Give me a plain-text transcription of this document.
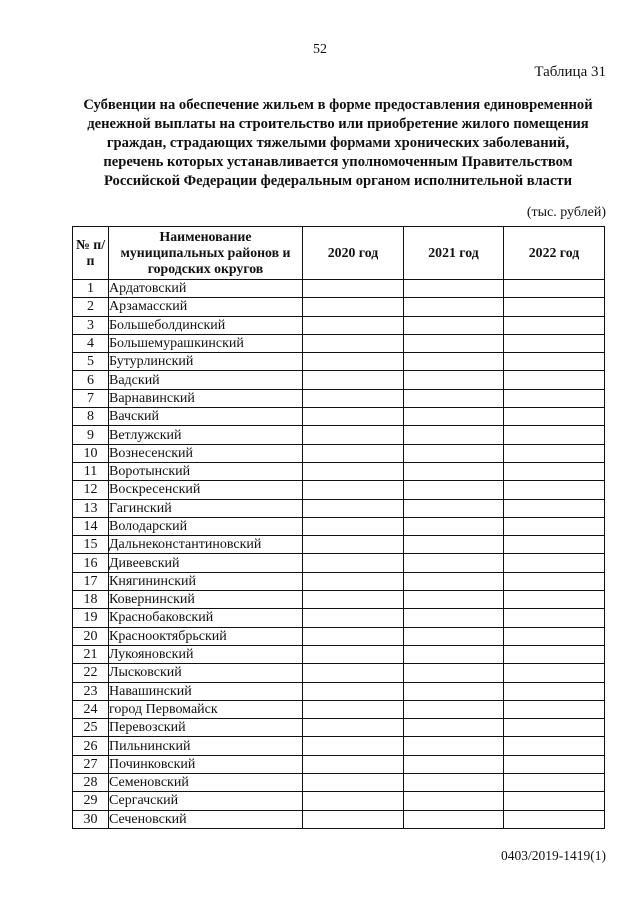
52
Таблица 31
Субвенции на обеспечение жильем в форме предоставления единовременной
денежной выплаты на строительство или приобретение жилого помещения
граждан, страдающих тяжелыми формами хронических заболеваний,
перечень которых устанавливается уполномоченным Правительством
Российской Федерации федеральным органом исполнительной власти
(тыс. рублей)
№ п/п	Наименование муниципальных районов и городских округов	2020 год	2021 год	2022 год
1	Ардатовский			
2	Арзамасский			
3	Большеболдинский			
4	Большемурашкинский			
5	Бутурлинский			
6	Вадский			
7	Варнавинский			
8	Вачский			
9	Ветлужский			
10	Вознесенский			
11	Воротынский			
12	Воскресенский			
13	Гагинский			
14	Володарский			
15	Дальнеконстантиновский			
16	Дивеевский			
17	Княгининский			
18	Ковернинский			
19	Краснобаковский			
20	Краснооктябрьский			
21	Лукояновский			
22	Лысковский			
23	Навашинский			
24	город Первомайск			
25	Перевозский			
26	Пильнинский			
27	Починковский			
28	Семеновский			
29	Сергачский			
30	Сеченовский			
0403/2019-1419(1)
